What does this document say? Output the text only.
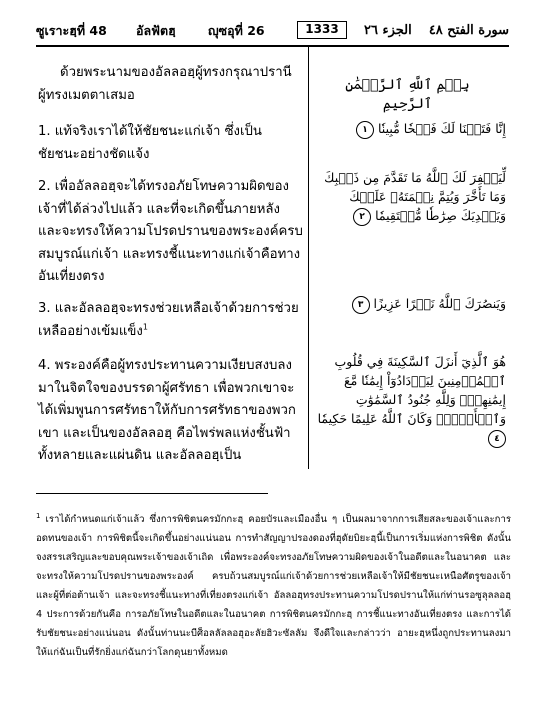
ซูเราะฮฺที่ 48 อัลฟัตฮฺ	ญุซอุที่ 26	1333	الجزء ٢٦ سورة الفتح ٤٨

ด้วยพระนามของอัลลอฮฺผู้ทรงกรุณาปรานี ผู้ทรงเมตตาเสมอ

بِسۡمِ ٱللَّهِ ٱلرَّحۡمَٰنِ ٱلرَّحِيمِ

1. แท้จริงเราได้ให้ชัยชนะแก่เจ้า ซึ่งเป็นชัยชนะอย่างชัดแจ้ง

إِنَّا فَتَحۡنَا لَكَ فَتۡحٗا مُّبِينٗا ١

2. เพื่ออัลลอฮฺจะได้ทรงอภัยโทษความผิดของเจ้าที่ได้ล่วงไปแล้ว และที่จะเกิดขึ้นภายหลัง และจะทรงให้ความโปรดปรานของพระองค์ครบสมบูรณ์แก่เจ้า และทรงชี้แนะทางแก่เจ้าคือทางอันเที่ยงตรง

لِّيَغۡفِرَ لَكَ ٱللَّهُ مَا تَقَدَّمَ مِن ذَنۢبِكَ وَمَا تَأَخَّرَ وَيُتِمَّ نِعۡمَتَهُۥ عَلَيۡكَ وَيَهۡدِيَكَ صِرَٰطٗا مُّسۡتَقِيمٗا ٢

3. และอัลลอฮฺจะทรงช่วยเหลือเจ้าด้วยการช่วยเหลืออย่างเข้มแข็ง$^1$

وَيَنصُرَكَ ٱللَّهُ نَصۡرًا عَزِيزًا ٣

4. พระองค์คือผู้ทรงประทานความเงียบสงบลงมาในจิตใจของบรรดาผู้ศรัทธา เพื่อพวกเขาจะได้เพิ่มพูนการศรัทธาให้กับการศรัทธาของพวกเขา และเป็นของอัลลอฮฺ คือไพร่พลแห่งชั้นฟ้าทั้งหลายและแผ่นดิน และอัลลอฮฺเป็น

هُوَ ٱلَّذِيٓ أَنزَلَ ٱلسَّكِينَةَ فِي قُلُوبِ ٱلۡمُؤۡمِنِينَ لِيَزۡدَادُوٓاْ إِيمَٰنٗا مَّعَ إِيمَٰنِهِمۡۗ وَلِلَّهِ جُنُودُ ٱلسَّمَٰوَٰتِ وَٱلۡأَرۡضِۚ وَكَانَ ٱللَّهُ عَلِيمًا حَكِيمٗا ٤

$^1$ เราได้กำหนดแก่เจ้าแล้ว ซึ่งการพิชิตนครมักกะฮฺ คอยบัรและเมืองอื่น ๆ เป็นผลมาจากการเสียสละของเจ้าและการอดทนของเจ้า การพิชิตนี้จะเกิดขึ้นอย่างแน่นอน การทำสัญญาปรองดองที่ฮุดัยบิยะฮฺนี้เป็นการเริ่มแห่งการพิชิต ดังนั้นจงสรรเสริญและขอบคุณพระเจ้าของเจ้าเถิด เพื่อพระองค์จะทรงอภัยโทษความผิดของเจ้าในอดีตและในอนาคต และจะทรงให้ความโปรดปรานของพระองค์ ครบถ้วนสมบูรณ์แก่เจ้าด้วยการช่วยเหลือเจ้าให้มีชัยชนะเหนือศัตรูของเจ้าและผู้ที่ต่อต้านเจ้า และจะทรงชี้แนะทางที่เที่ยงตรงแก่เจ้า อัลลอฮฺทรงประทานความโปรดปรานให้แก่ท่านรอซูลุลลอฮฺ 4 ประการด้วยกันคือ การอภัยโทษในอดีตและในอนาคต การพิชิตนครมักกะฮฺ การชี้แนะทางอันเที่ยงตรง และการได้รับชัยชนะอย่างแน่นอน ดังนั้นท่านนะบีศ็อลลัลลอฮุอะลัยฮิวะซัลลัม จึงดีใจและกล่าวว่า อายะฮฺหนึ่งถูกประทานลงมาให้แก่ฉันเป็นที่รักยิ่งแก่ฉันกว่าโลกดุนยาทั้งหมด
